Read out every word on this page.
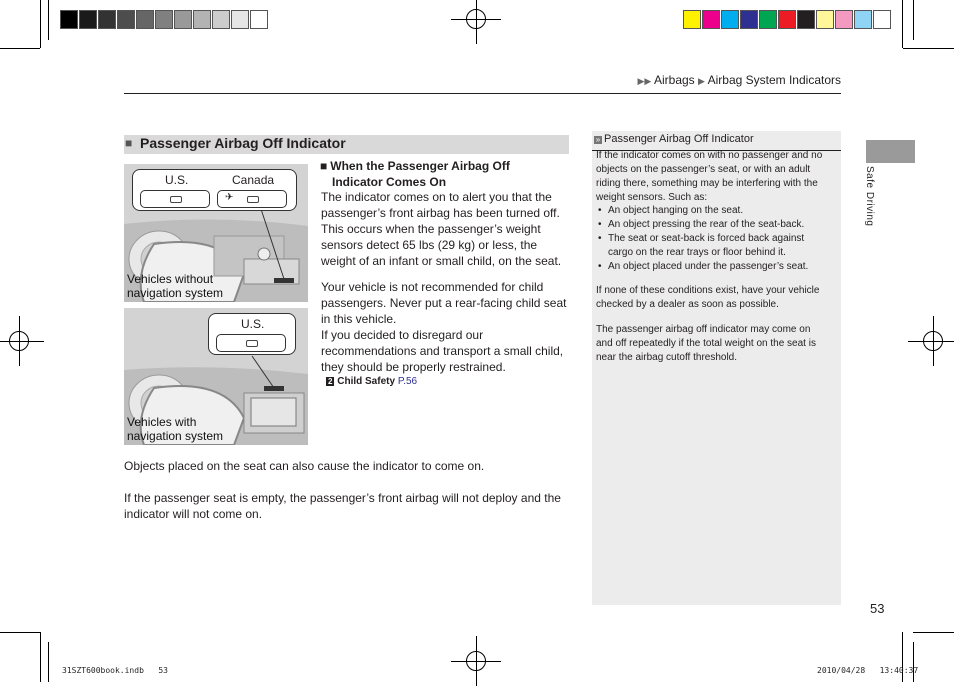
▶▶ Airbags ▶ Airbag System Indicators
■ Passenger Airbag Off Indicator
U.S.	Canada
✈
Vehicles without
navigation system
U.S.
Vehicles with
navigation system
■ When the Passenger Airbag Off
Indicator Comes On
The indicator comes on to alert you that the
passenger’s front airbag has been turned off.
This occurs when the passenger’s weight
sensors detect 65 lbs (29 kg) or less, the
weight of an infant or small child, on the seat.
Your vehicle is not recommended for child
passengers. Never put a rear-facing child seat
in this vehicle.
If you decided to disregard our
recommendations and transport a small child,
they should be properly restrained.
2 Child Safety P.56
Objects placed on the seat can also cause the indicator to come on.
If the passenger seat is empty, the passenger’s front airbag will not deploy and the
indicator will not come on.
» Passenger Airbag Off Indicator
If the indicator comes on with no passenger and no
objects on the passenger’s seat, or with an adult
riding there, something may be interfering with the
weight sensors. Such as:
• An object hanging on the seat.
• An object pressing the rear of the seat-back.
• The seat or seat-back is forced back against
cargo on the rear trays or floor behind it.
• An object placed under the passenger’s seat.
If none of these conditions exist, have your vehicle
checked by a dealer as soon as possible.
The passenger airbag off indicator may come on
and off repeatedly if the total weight on the seat is
near the airbag cutoff threshold.
Safe Driving
53
31SZT600book.indb   53	2010/04/28   13:40:37
